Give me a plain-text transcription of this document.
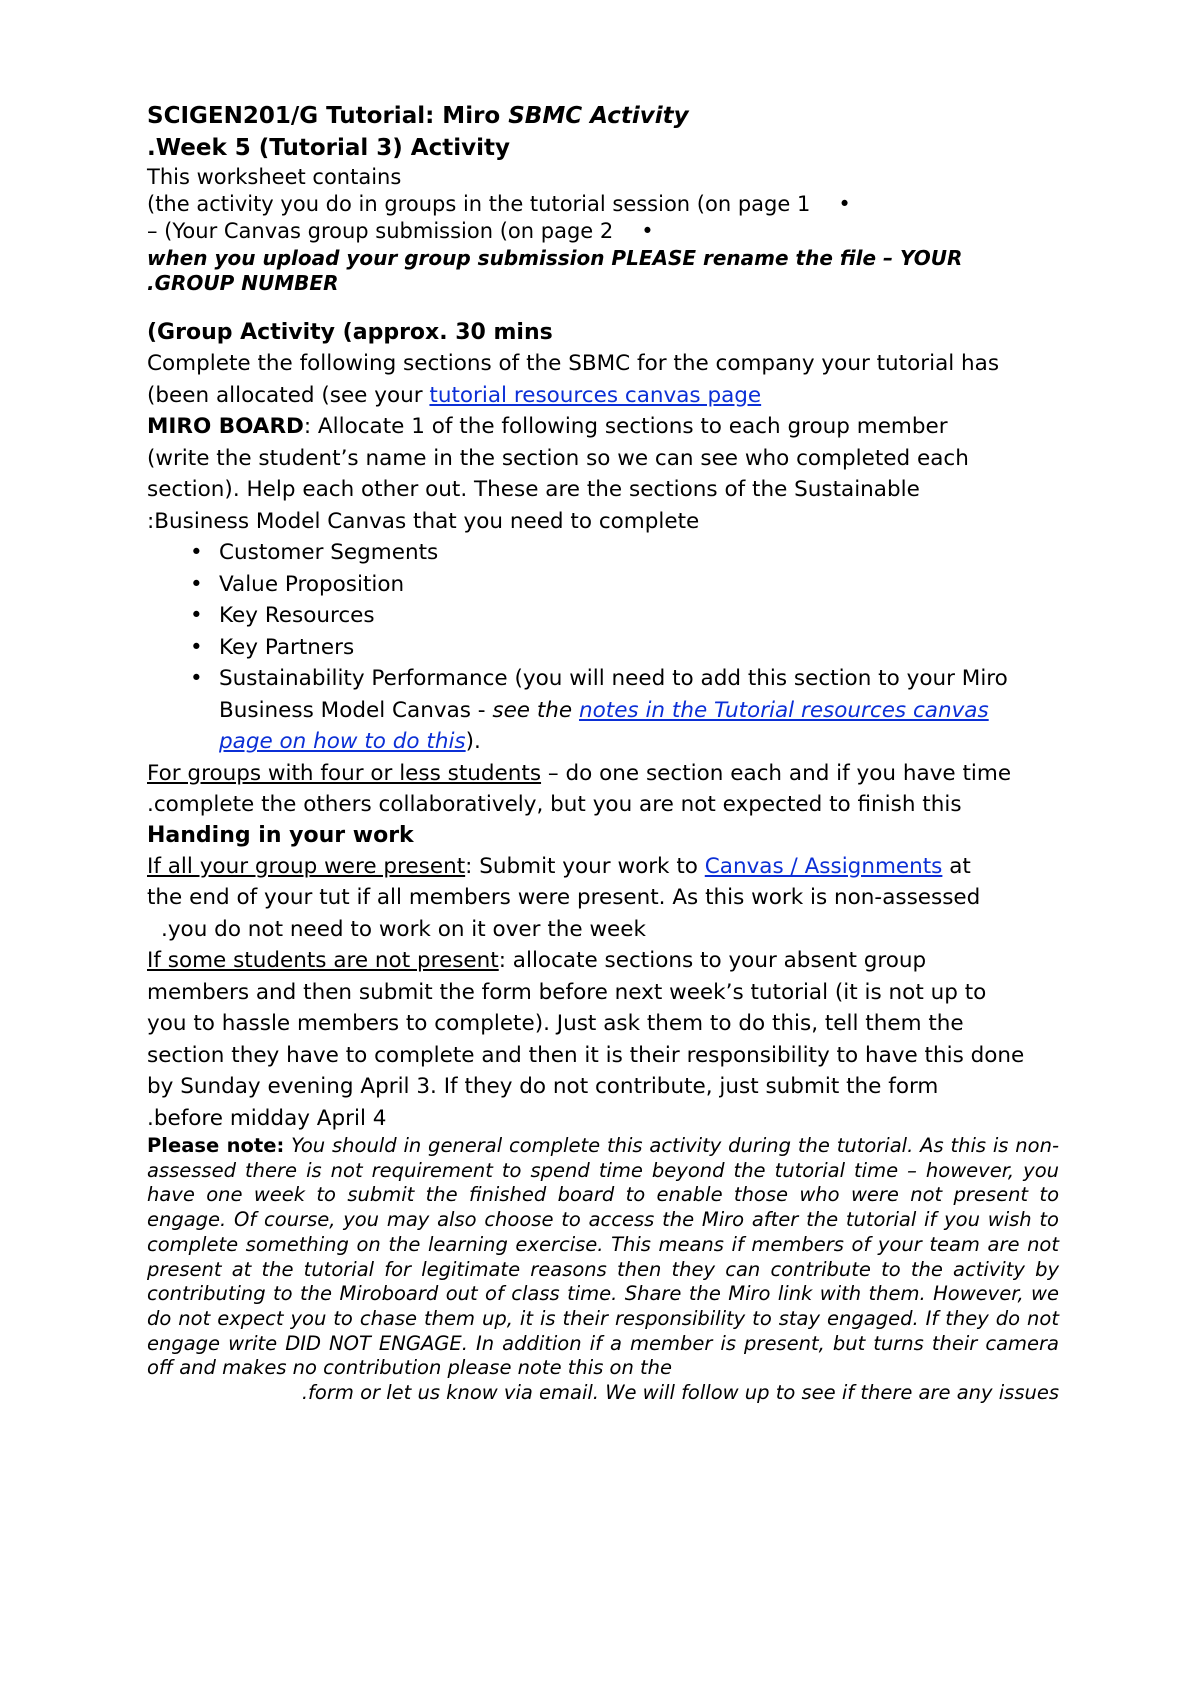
SCIGEN201/G Tutorial: Miro SBMC Activity

.Week 5 (Tutorial 3) Activity

This worksheet contains

(the activity you do in groups in the tutorial session (on page 1 •

– (Your Canvas group submission (on page 2 •

when you upload your group submission PLEASE rename the file – YOUR

.GROUP NUMBER

(Group Activity (approx. 30 mins

Complete the following sections of the SBMC for the company your tutorial has
(been allocated (see your tutorial resources canvas page

MIRO BOARD: Allocate 1 of the following sections to each group member
(write the student’s name in the section so we can see who completed each
section). Help each other out. These are the sections of the Sustainable
:Business Model Canvas that you need to complete

• Customer Segments
• Value Proposition
• Key Resources
• Key Partners
• Sustainability Performance (you will need to add this section to your Miro
Business Model Canvas - see the notes in the Tutorial resources canvas
page on how to do this).

For groups with four or less students – do one section each and if you have time
.complete the others collaboratively, but you are not expected to finish this

Handing in your work

If all your group were present: Submit your work to Canvas / Assignments at
the end of your tut if all members were present. As this work is non-assessed
.you do not need to work on it over the week

If some students are not present: allocate sections to your absent group
members and then submit the form before next week’s tutorial (it is not up to
you to hassle members to complete). Just ask them to do this, tell them the
section they have to complete and then it is their responsibility to have this done
by Sunday evening April 3. If they do not contribute, just submit the form
.before midday April 4

Please note: You should in general complete this activity during the tutorial. As this is non-assessed there is not requirement to spend time beyond the tutorial time – however, you have one week to submit the finished board to enable those who were not present to engage. Of course, you may also choose to access the Miro after the tutorial if you wish to complete something on the learning exercise. This means if members of your team are not present at the tutorial for legitimate reasons then they can contribute to the activity by contributing to the Miroboard out of class time. Share the Miro link with them. However, we do not expect you to chase them up, it is their responsibility to stay engaged. If they do not engage write DID NOT ENGAGE. In addition if a member is present, but turns their camera off and makes no contribution please note this on the
.form or let us know via email. We will follow up to see if there are any issues
